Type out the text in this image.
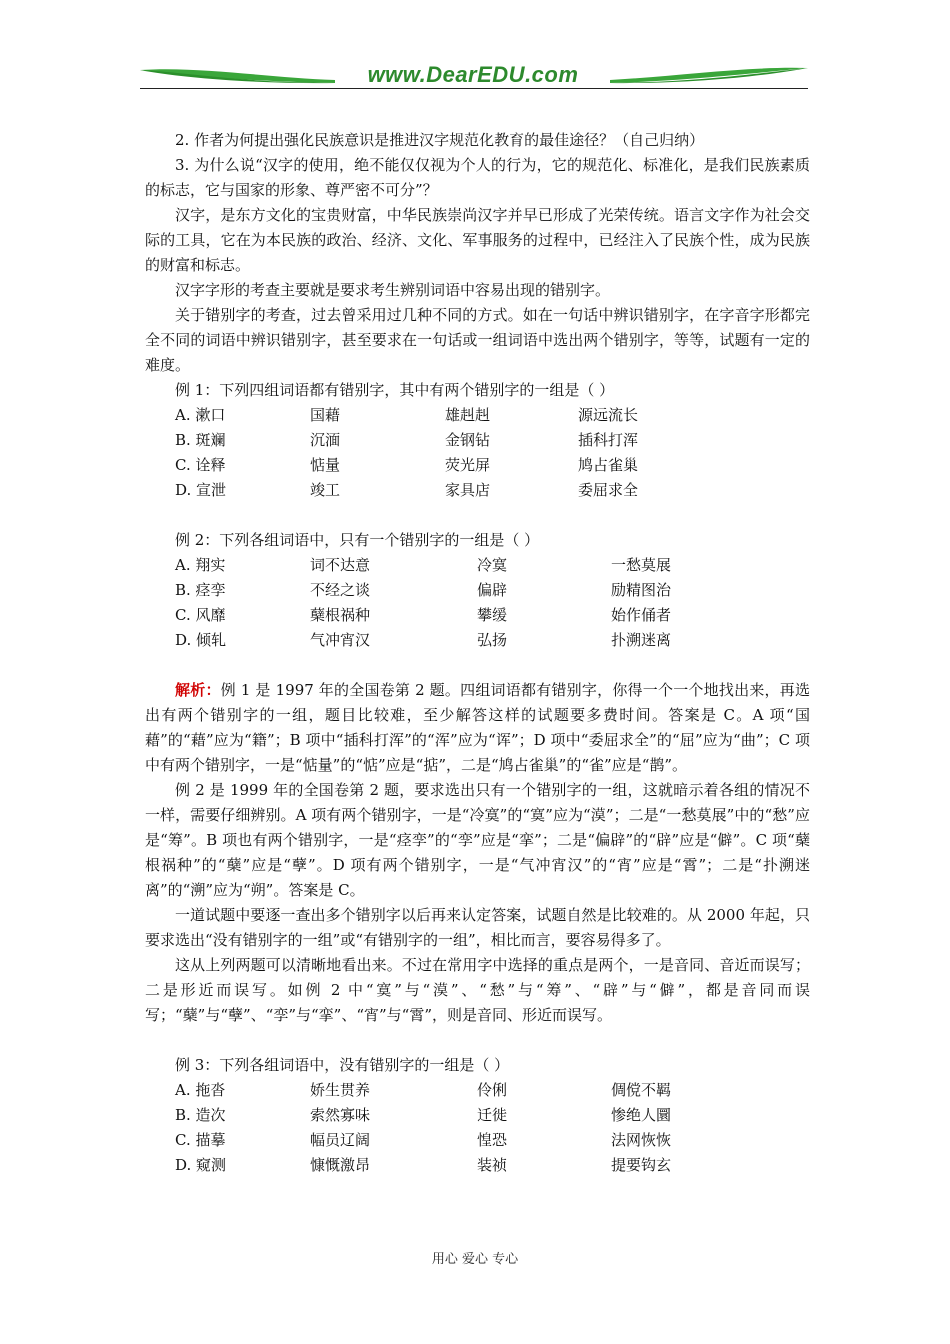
www.DearEDU.com

2. 作者为何提出强化民族意识是推进汉字规范化教育的最佳途径？（自己归纳）

3. 为什么说“汉字的使用，绝不能仅仅视为个人的行为，它的规范化、标准化，是我们民族素质的标志，它与国家的形象、尊严密不可分”？

汉字，是东方文化的宝贵财富，中华民族崇尚汉字并早已形成了光荣传统。语言文字作为社会交际的工具，它在为本民族的政治、经济、文化、军事服务的过程中，已经注入了民族个性，成为民族的财富和标志。

汉字字形的考查主要就是要求考生辨别词语中容易出现的错别字。

关于错别字的考查，过去曾采用过几种不同的方式。如在一句话中辨识错别字，在字音字形都完全不同的词语中辨识错别字，甚至要求在一句话或一组词语中选出两个错别字，等等，试题有一定的难度。

例 1：下列四组词语都有错别字，其中有两个错别字的一组是（ ）

A. 漱口	国藉	雄赳赳	源远流长
B. 斑斓	沉湎	金钢钻	插科打浑
C. 诠释	惦量	荧光屏	鸠占雀巢
D. 宣泄	竣工	家具店	委屈求全

例 2：下列各组词语中，只有一个错别字的一组是（ ）

A. 翔实	词不达意	冷寞	一愁莫展
B. 痉孪	不经之谈	偏辟	励精图治
C. 风靡	蘖根祸种	攀缓	始作俑者
D. 倾轧	气冲宵汉	弘扬	扑溯迷离

解析：例 1 是 1997 年的全国卷第 2 题。四组词语都有错别字，你得一个一个地找出来，再选出有两个错别字的一组，题目比较难，至少解答这样的试题要多费时间。答案是 C。A 项“国藉”的“藉”应为“籍”；B 项中“插科打浑”的“浑”应为“诨”；D 项中“委屈求全”的“屈”应为“曲”；C 项中有两个错别字，一是“惦量”的“惦”应是“掂”，二是“鸠占雀巢”的“雀”应是“鹊”。

例 2 是 1999 年的全国卷第 2 题，要求选出只有一个错别字的一组，这就暗示着各组的情况不一样，需要仔细辨别。A 项有两个错别字，一是“冷寞”的“寞”应为“漠”；二是“一愁莫展”中的“愁”应是“筹”。B 项也有两个错别字，一是“痉孪”的“孪”应是“挛”；二是“偏辟”的“辟”应是“僻”。C 项“蘖根祸种”的“蘖”应是“孽”。D 项有两个错别字，一是“气冲宵汉”的“宵”应是“霄”；二是“扑溯迷离”的“溯”应为“朔”。答案是 C。

一道试题中要逐一查出多个错别字以后再来认定答案，试题自然是比较难的。从 2000 年起，只要求选出“没有错别字的一组”或“有错别字的一组”，相比而言，要容易得多了。

这从上列两题可以清晰地看出来。不过在常用字中选择的重点是两个，一是音同、音近而误写；二是形近而误写。如例 2 中“寞”与“漠”、“愁”与“筹”、“辟”与“僻”，都是音同而误写；“蘖”与“孽”、“孪”与“挛”、“宵”与“霄”，则是音同、形近而误写。

例 3：下列各组词语中，没有错别字的一组是（ ）

A. 拖沓	娇生贯养	伶俐	倜傥不羁
B. 造次	索然寡味	迁徙	惨绝人圜
C. 描摹	幅员辽阔	惶恐	法网恢恢
D. 窥测	慷慨激昂	装祯	提要钩玄
用心 爱心 专心
